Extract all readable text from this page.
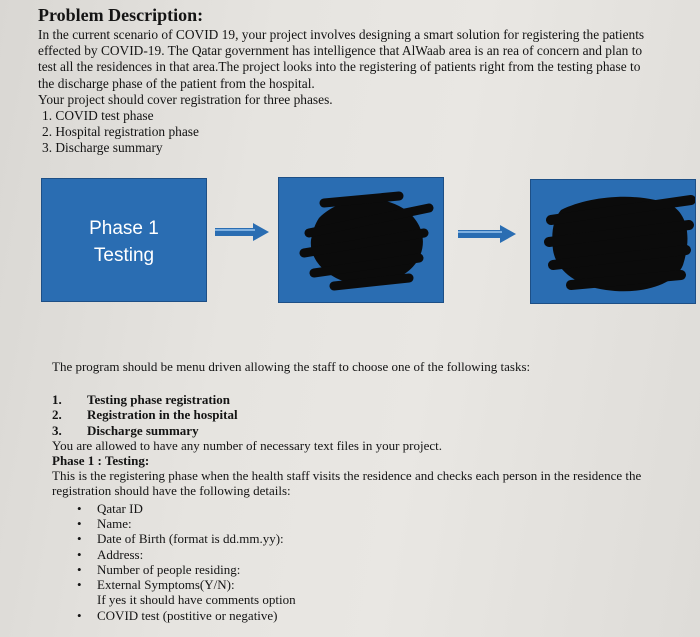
Problem Description:

In the current scenario of COVID 19, your project involves designing a smart solution for registering the patients effected by COVID-19. The Qatar government has intelligence that AlWaab area is an rea of concern and plan to test all the residences in that area.The project looks into the registering of patients right from the testing phase to the discharge phase of the patient from the hospital.

Your project should cover registration for three phases.

1. COVID test phase
2. Hospital registration phase
3. Discharge summary
Phase 1
Testing

The program should be menu driven allowing the staff to choose one of the following tasks:

1.	Testing phase registration
2.	Registration in the hospital
3.	Discharge summary

You are allowed to have any number of necessary text files in your project.

Phase 1 : Testing:

This is the registering phase when the health staff visits the residence and checks each person in the residence the registration should have the following details:

• Qatar ID
• Name:
• Date of Birth (format is dd.mm.yy):
• Address:
• Number of people residing:
• External Symptoms(Y/N):
If yes it should have comments option
• COVID test (postitive or negative)
